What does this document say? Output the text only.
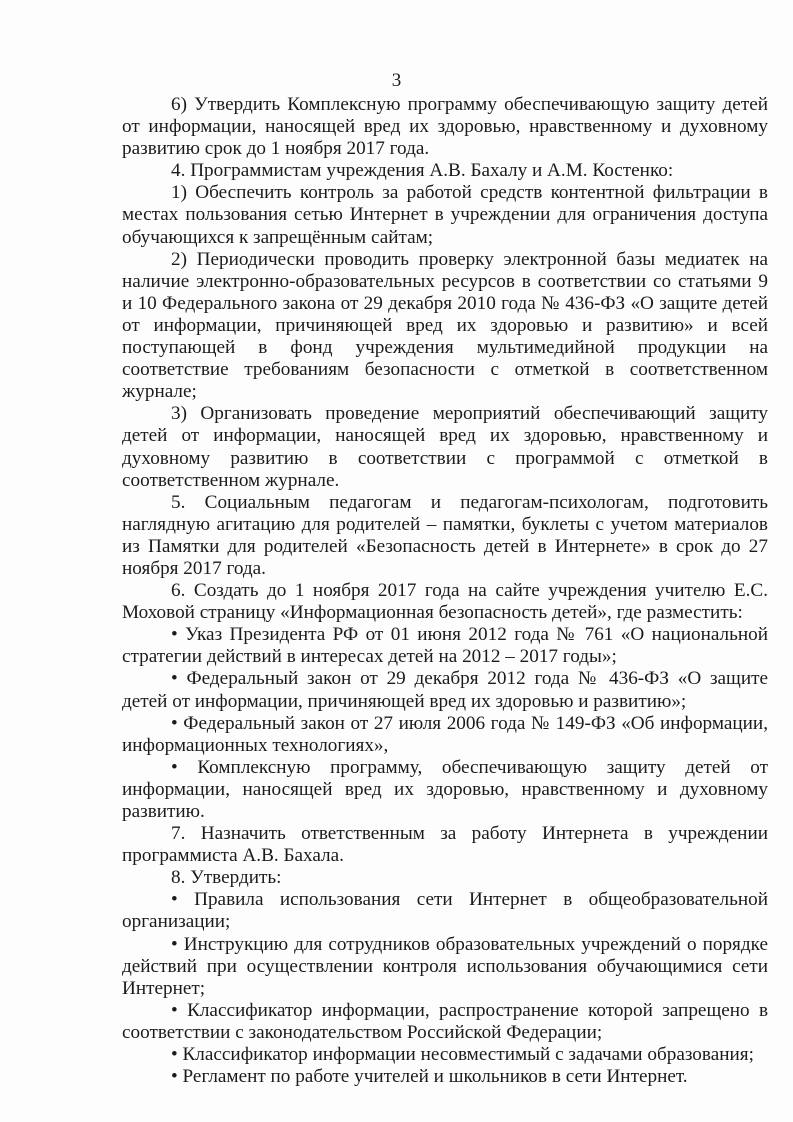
3

6) Утвердить Комплексную программу обеспечивающую защиту детей от информации, наносящей вред их здоровью, нравственному и духовному развитию срок до 1 ноября 2017 года.

4. Программистам учреждения А.В. Бахалу и А.М. Костенко:

1) Обеспечить контроль за работой средств контентной фильтрации в местах пользования сетью Интернет в учреждении для ограничения доступа обучающихся к запрещённым сайтам;

2) Периодически проводить проверку электронной базы медиатек на наличие электронно-образовательных ресурсов в соответствии со статьями 9 и 10 Федерального закона от 29 декабря 2010 года № 436-ФЗ «О защите детей от информации, причиняющей вред их здоровью и развитию» и всей поступающей в фонд учреждения мультимедийной продукции на соответствие требованиям безопасности с отметкой в соответственном журнале;

3) Организовать проведение мероприятий обеспечивающий защиту детей от информации, наносящей вред их здоровью, нравственному и духовному развитию в соответствии с программой с отметкой в соответственном журнале.

5. Социальным педагогам и педагогам-психологам, подготовить наглядную агитацию для родителей – памятки, буклеты с учетом материалов из Памятки для родителей «Безопасность детей в Интернете» в срок до 27 ноября 2017 года.

6. Создать до 1 ноября 2017 года на сайте учреждения учителю Е.С. Моховой страницу «Информационная безопасность детей», где разместить:

• Указ Президента РФ от 01 июня 2012 года № 761 «О национальной стратегии действий в интересах детей на 2012 – 2017 годы»;

• Федеральный закон от 29 декабря 2012 года № 436-ФЗ «О защите детей от информации, причиняющей вред их здоровью и развитию»;

• Федеральный закон от 27 июля 2006 года № 149-ФЗ «Об информации, информационных технологиях»,

• Комплексную программу, обеспечивающую защиту детей от информации, наносящей вред их здоровью, нравственному и духовному развитию.

7. Назначить ответственным за работу Интернета в учреждении программиста А.В. Бахала.

8. Утвердить:

• Правила использования сети Интернет в общеобразовательной организации;

• Инструкцию для сотрудников образовательных учреждений о порядке действий при осуществлении контроля использования обучающимися сети Интернет;

• Классификатор информации, распространение которой запрещено в соответствии с законодательством Российской Федерации;

• Классификатор информации несовместимый с задачами образования;

• Регламент по работе учителей и школьников в сети Интернет.
